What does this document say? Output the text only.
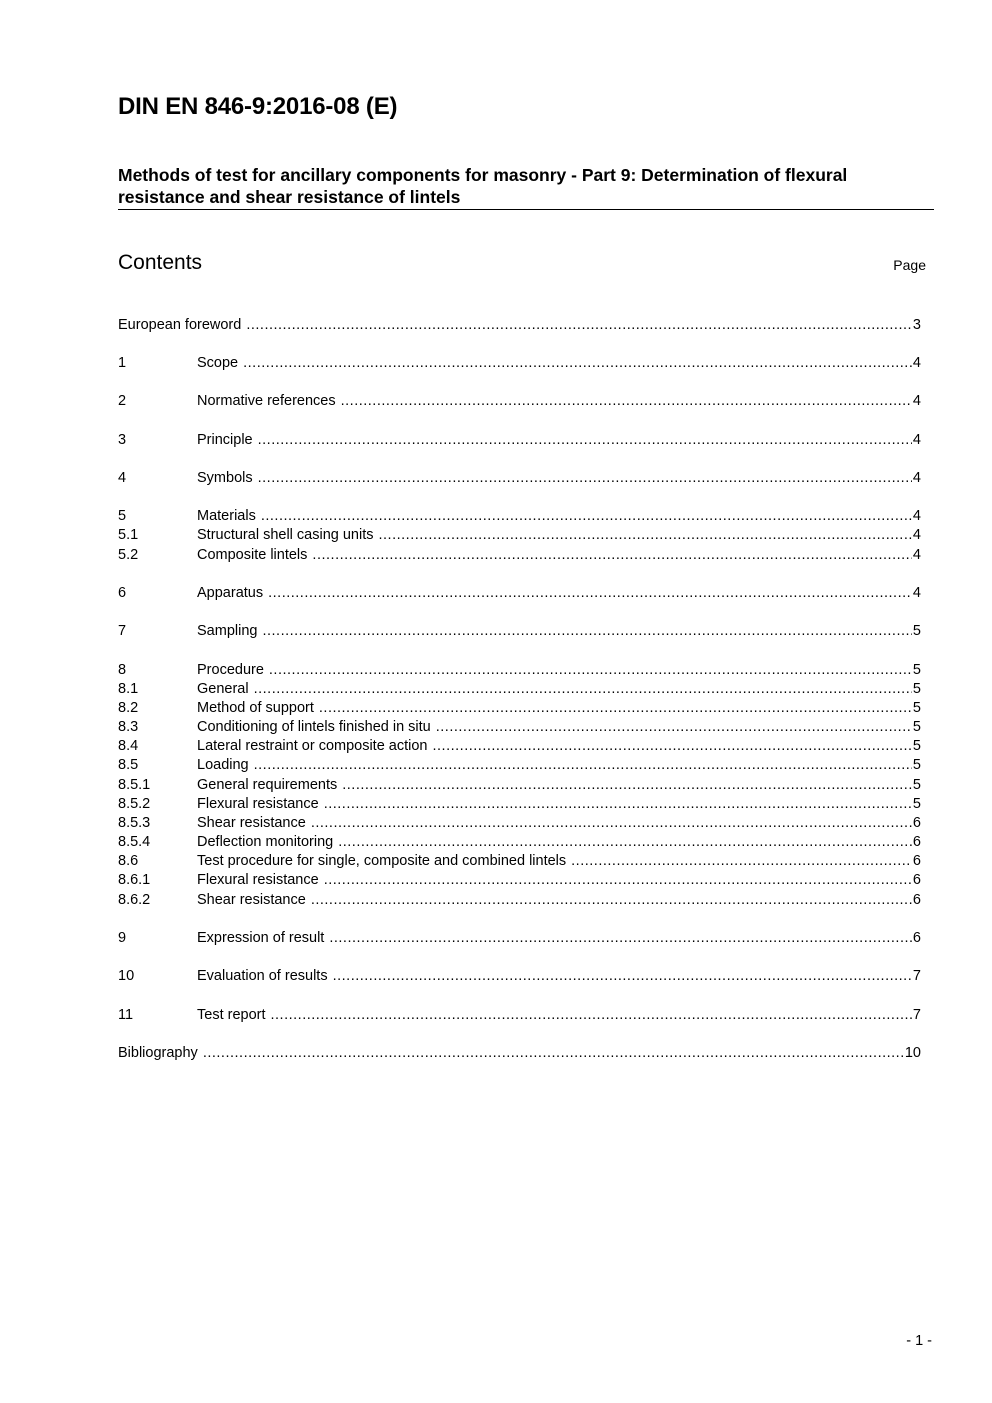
DIN EN 846-9:2016-08 (E)
Methods of test for ancillary components for masonry - Part 9: Determination of flexural resistance and shear resistance of lintels
Contents	Page
European foreword .....	3
1	Scope .....	4
2	Normative references .....	4
3	Principle .....	4
4	Symbols .....	4
5	Materials .....	4
5.1	Structural shell casing units .....	4
5.2	Composite lintels .....	4
6	Apparatus .....	4
7	Sampling .....	5
8	Procedure .....	5
8.1	General .....	5
8.2	Method of support .....	5
8.3	Conditioning of lintels finished in situ .....	5
8.4	Lateral restraint or composite action .....	5
8.5	Loading .....	5
8.5.1	General requirements .....	5
8.5.2	Flexural resistance .....	5
8.5.3	Shear resistance .....	6
8.5.4	Deflection monitoring .....	6
8.6	Test procedure for single, composite and combined lintels .....	6
8.6.1	Flexural resistance .....	6
8.6.2	Shear resistance .....	6
9	Expression of result .....	6
10	Evaluation of results .....	7
11	Test report .....	7
Bibliography .....	10
- 1 -
